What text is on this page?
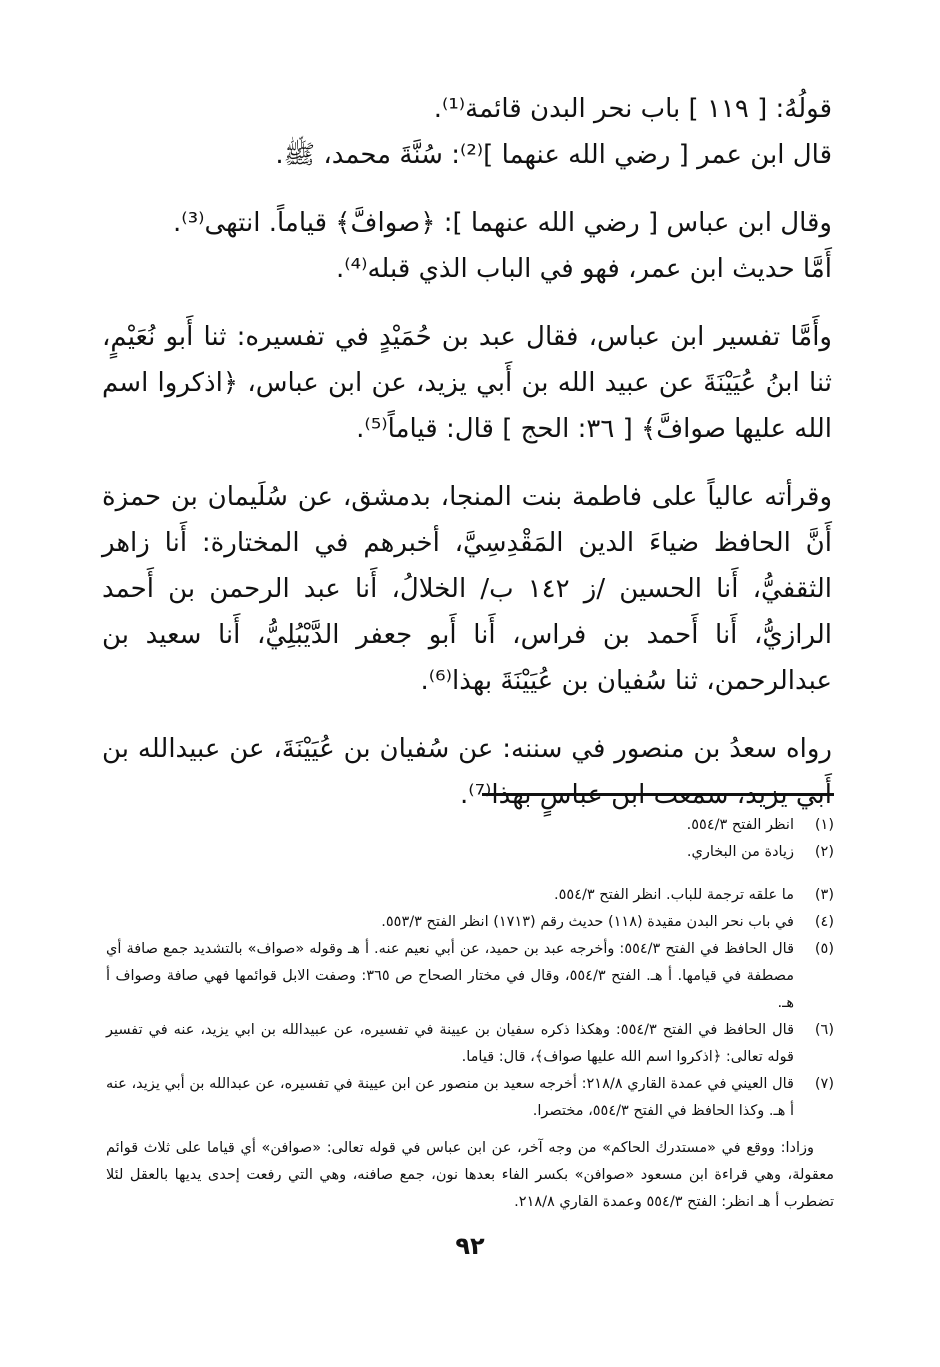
قولُهُ: [ ١١٩ ] باب نحر البدن قائمة⁽¹⁾.
قال ابن عمر [ رضي الله عنهما ]⁽²⁾: سُنَّةَ محمد، ﷺ.

وقال ابن عباس [ رضي الله عنهما ]: ﴿صوافَّ﴾ قياماً. انتهى⁽³⁾.
أَمَّا حديث ابن عمر، فهو في الباب الذي قبله⁽⁴⁾.

وأَمَّا تفسير ابن عباس، فقال عبد بن حُمَيْدٍ في تفسيره: ثنا أَبو نُعَيْمٍ، ثنا ابنُ عُيَيْنَةَ عن عبيد الله بن أَبي يزيد، عن ابن عباس، ﴿اذكروا اسم الله عليها صوافَّ﴾ [ ٣٦: الحج ] قال: قياماً⁽⁵⁾.

وقرأته عالياً على فاطمة بنت المنجا، بدمشق، عن سُلَيمان بن حمزة أَنَّ الحافظ ضياءَ الدين المَقْدِسِيَّ، أخبرهم في المختارة: أَنا زاهر الثقفيُّ، أَنا الحسين /ز ١٤٢ ب/ الخلالُ، أَنا عبد الرحمن بن أَحمد الرازيُّ، أَنا أَحمد بن فراس، أَنا أَبو جعفر الدَّيْبُلِيُّ، أَنا سعيد بن عبدالرحمن، ثنا سُفيان بن عُيَيْنَةَ بهذا⁽⁶⁾.

رواه سعدُ بن منصور في سننه: عن سُفيان بن عُيَيْنَةَ، عن عبيدالله بن أَبي يزيد، سمعت ابن عباسٍ بهذا⁽⁷⁾.

(١)
انظر الفتح ٥٥٤/٣.
(٢)
زيادة من البخاري.
(٣)
ما علقه ترجمة للباب. انظر الفتح ٥٥٤/٣.
(٤)
في باب نحر البدن مقيدة (١١٨) حديث رقم (١٧١٣) انظر الفتح ٥٥٣/٣.
(٥)
قال الحافظ في الفتح ٥٥٤/٣: وأخرجه عبد بن حميد، عن أبي نعيم عنه. أ هـ وقوله «صواف» بالتشديد جمع صافة أي مصطفة في قيامها. أ هـ. الفتح ٥٥٤/٣، وقال في مختار الصحاح ص ٣٦٥: وصفت الابل قوائمها فهي صافة وصواف أ هـ.
(٦)
قال الحافظ في الفتح ٥٥٤/٣: وهكذا ذكره سفيان بن عيينة في تفسيره، عن عبيدالله بن ابي يزيد، عنه في تفسير قوله تعالى: ﴿اذكروا اسم الله عليها صواف﴾، قال: قياما.
(٧)
قال العيني في عمدة القاري ٢١٨/٨: أخرجه سعيد بن منصور عن ابن عيينة في تفسيره، عن عبدالله بن أبي يزيد، عنه أ هـ. وكذا الحافظ في الفتح ٥٥٤/٣، مختصرا.
وزادا: ووقع في «مستدرك الحاكم» من وجه آخر، عن ابن عباس في قوله تعالى: «صوافن» أي قياما على ثلاث قوائم معقولة، وهي قراءة ابن مسعود «صوافن» بكسر الفاء بعدها نون، جمع صافنه، وهي التي رفعت إحدى يديها بالعقل لئلا تضطرب أ هـ انظر: الفتح ٥٥٤/٣ وعمدة القاري ٢١٨/٨.
٩٢
